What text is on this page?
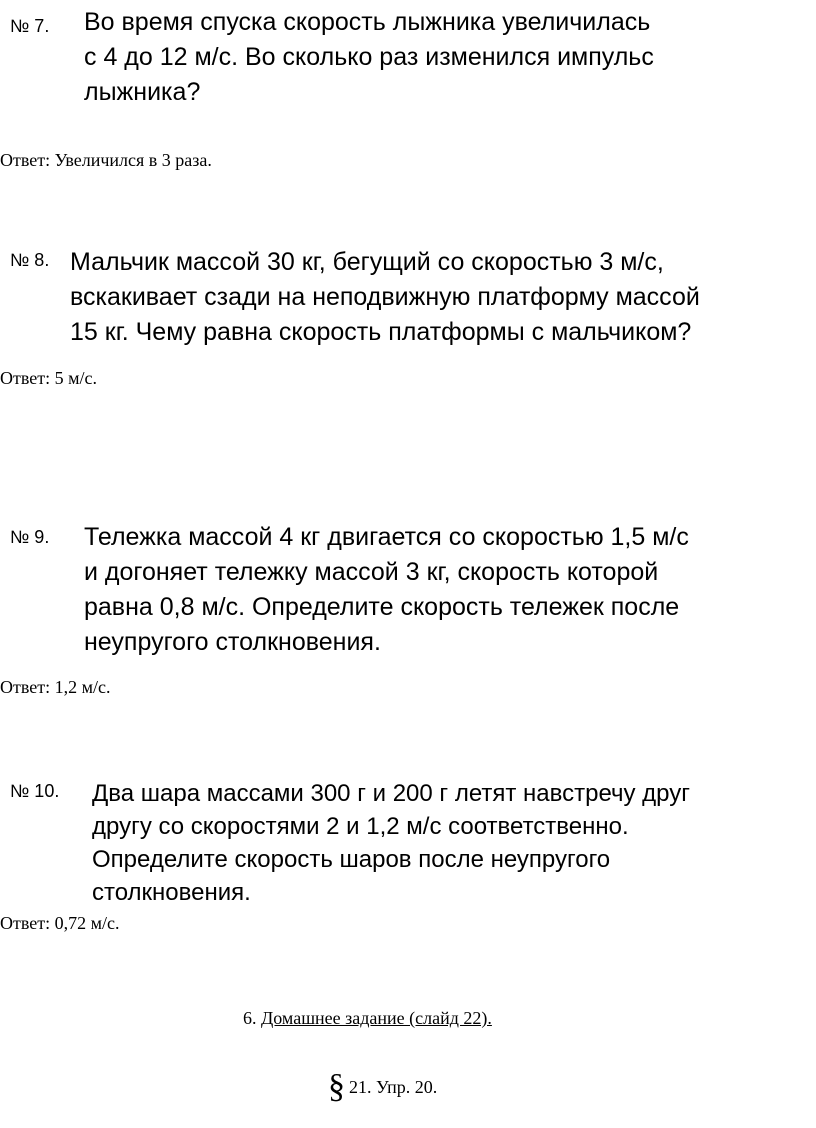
№ 7. Во время спуска скорость лыжника увеличилась
с 4 до 12 м/с. Во сколько раз изменился импульс
лыжника?
Ответ: Увеличился в 3 раза.
№ 8. Мальчик массой 30 кг, бегущий со скоростью 3 м/с,
вскакивает сзади на неподвижную платформу массой
15 кг. Чему равна скорость платформы с мальчиком?
Ответ: 5 м/с.
№ 9. Тележка массой 4 кг двигается со скоростью 1,5 м/с
и догоняет тележку массой 3 кг, скорость которой
равна 0,8 м/с. Определите скорость тележек после
неупругого столкновения.
Ответ: 1,2 м/с.
№ 10. Два шара массами 300 г и 200 г летят навстречу друг
другу со скоростями 2 и 1,2 м/с соответственно.
Определите скорость шаров после неупругого
столкновения.
Ответ: 0,72 м/с.
6. Домашнее задание (слайд 22).
§ 21. Упр. 20.
